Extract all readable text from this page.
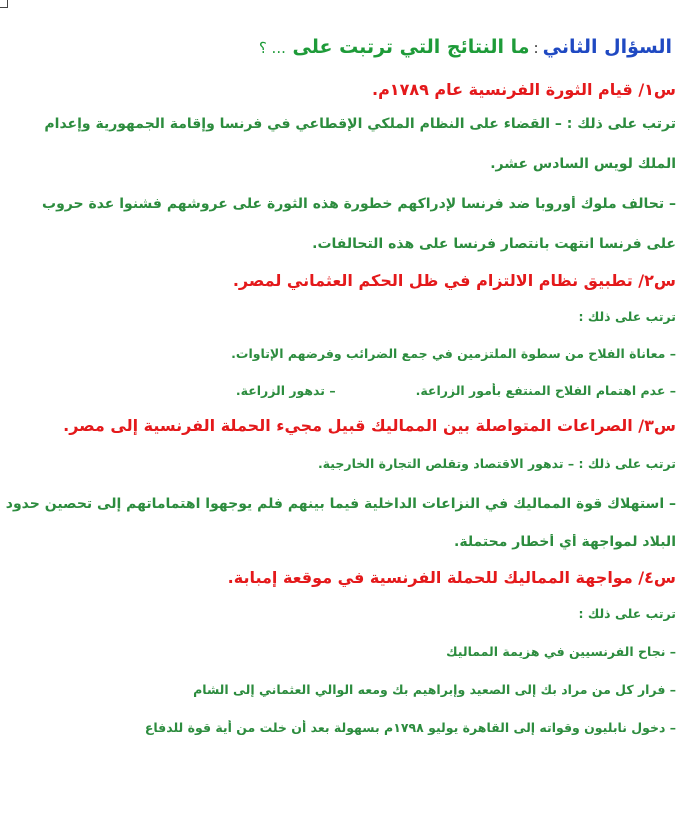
السؤال الثاني:ما النتائج التي ترتبت على ... ؟
س١/ قيام الثورة الفرنسية عام ١٧٨٩م.
ترتب على ذلك : – القضاء على النظام الملكي الإقطاعي في فرنسا وإقامة الجمهورية وإعدام
الملك لويس السادس عشر.
– تحالف ملوك أوروبا ضد فرنسا لإدراكهم خطورة هذه الثورة على عروشهم فشنوا عدة حروب
على فرنسا انتهت بانتصار فرنسا على هذه التحالفات.
س٢/ تطبيق نظام الالتزام في ظل الحكم العثماني لمصر.
ترتب على ذلك :
– معاناة الفلاح من سطوة الملتزمين في جمع الضرائب وفرضهم الإتاوات.
– عدم اهتمام الفلاح المنتفع بأمور الزراعة.– تدهور الزراعة.
س٣/ الصراعات المتواصلة بين المماليك قبيل مجيء الحملة الفرنسية إلى مصر.
ترتب على ذلك : – تدهور الاقتصاد وتقلص التجارة الخارجية.
– استهلاك قوة المماليك في النزاعات الداخلية فيما بينهم فلم يوجهوا اهتماماتهم إلى تحصين حدود
البلاد لمواجهة أي أخطار محتملة.
س٤/ مواجهة المماليك للحملة الفرنسية في موقعة إمبابة.
ترتب على ذلك :
– نجاح الفرنسيين في هزيمة المماليك
– فرار كل من مراد بك إلى الصعيد وإبراهيم بك ومعه الوالي العثماني إلى الشام
– دخول نابليون وقواته إلى القاهرة يوليو ١٧٩٨م بسهولة بعد أن خلت من أية قوة للدفاع
